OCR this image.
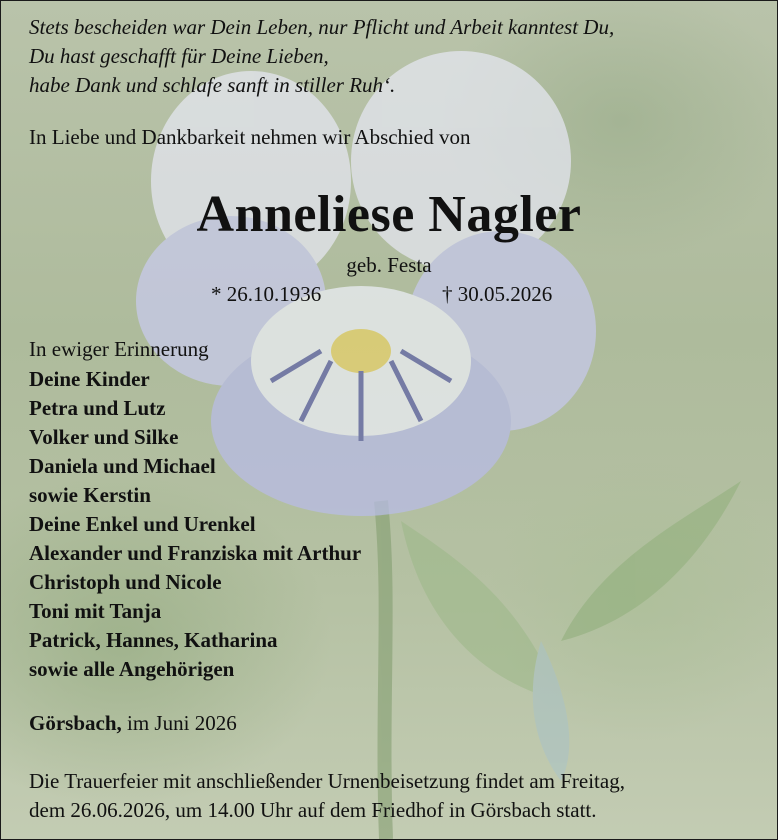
Stets bescheiden war Dein Leben, nur Pflicht und Arbeit kanntest Du,
Du hast geschafft für Deine Lieben,
habe Dank und schlafe sanft in stiller Ruh‘.

In Liebe und Dankbarkeit nehmen wir Abschied von

Anneliese Nagler

geb. Festa

* 26.10.1936	† 30.05.2026

In ewiger Erinnerung

Deine Kinder
Petra und Lutz
Volker und Silke
Daniela und Michael
sowie Kerstin
Deine Enkel und Urenkel
Alexander und Franziska mit Arthur
Christoph und Nicole
Toni mit Tanja
Patrick, Hannes, Katharina
sowie alle Angehörigen

Görsbach, im Juni 2026

Die Trauerfeier mit anschließender Urnenbeisetzung findet am Freitag,
dem 26.06.2026, um 14.00 Uhr auf dem Friedhof in Görsbach statt.
